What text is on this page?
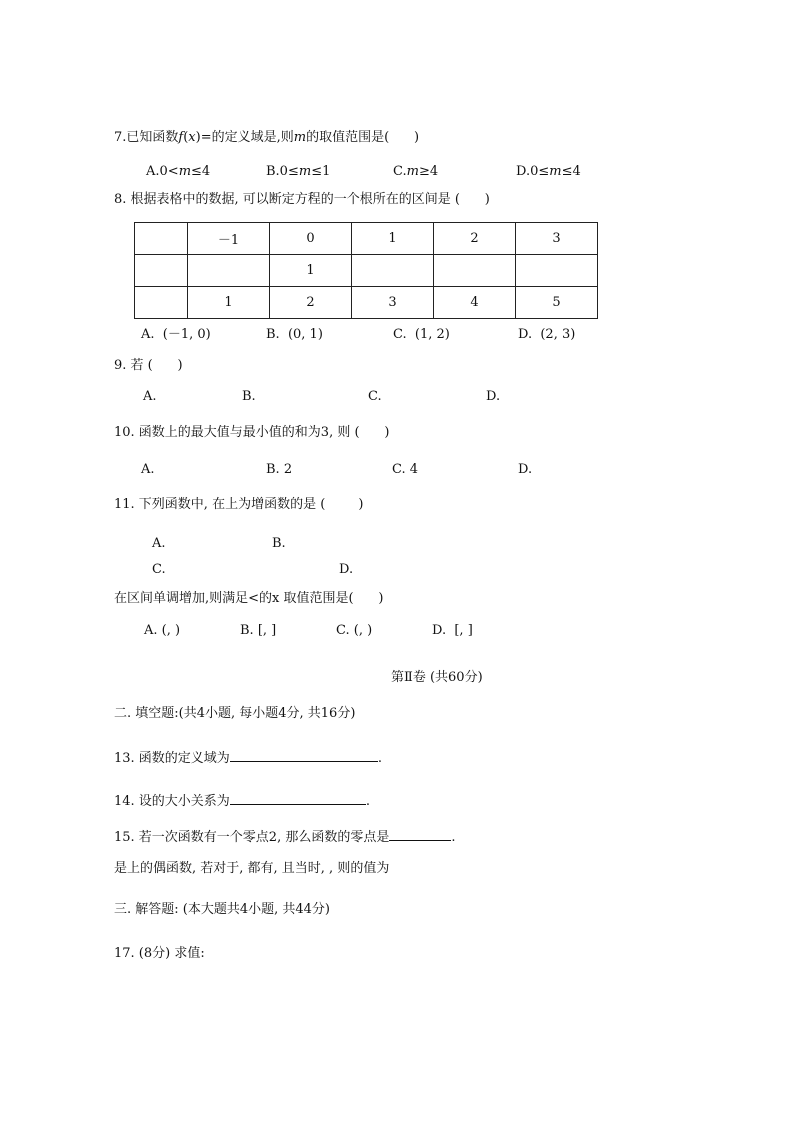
7.已知函数f(x)=的定义域是,则m的取值范围是(      )
A.0<m≤4	B.0≤m≤1	C.m≥4	D.0≤m≤4
8. 根据表格中的数据, 可以断定方程的一个根所在的区间是 (      )
	－1	0	1	2	3
		1			
	1	2	3	4	5
A.  (－1, 0)	B.  (0, 1)	C.  (1, 2)	D.  (2, 3)
9. 若 (      )
A.	B.	C.	D.
10. 函数上的最大值与最小值的和为3, 则 (      )
A.	B. 2	C. 4	D.
11. 下列函数中, 在上为增函数的是 (        )
A.	B.
C.	D.
在区间单调增加,则满足<的x 取值范围是(      )
A. (, )	B. [, ]	C. (, )	D.  [, ]
第Ⅱ卷 (共60分)
二. 填空题:(共4小题, 每小题4分, 共16分)
13. 函数的定义域为	.
14. 设的大小关系为	.
15. 若一次函数有一个零点2, 那么函数的零点是	.
是上的偶函数, 若对于, 都有, 且当时, , 则的值为
三. 解答题: (本大题共4小题, 共44分)
17. (8分) 求值:
